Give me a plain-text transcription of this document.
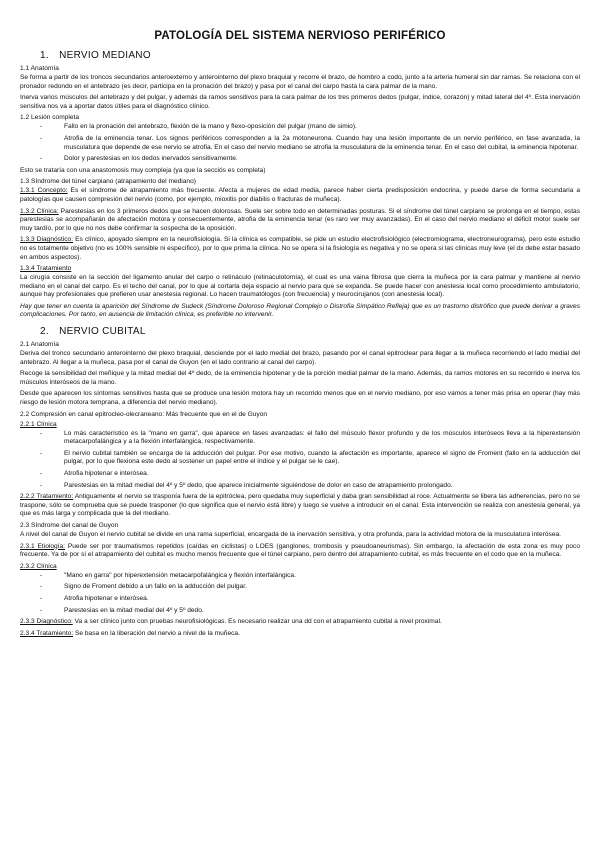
PATOLOGÍA DEL SISTEMA NERVIOSO PERIFÉRICO
1. NERVIO MEDIANO
1.1 Anatomía

Se forma a partir de los troncos secundarios anteroexterno y anterointerno del plexo braquial y recorre el brazo, de hombro a codo, junto a la arteria humeral sin dar ramas. Se relaciona con el pronador redondo en el antebrazo (es decir, participa en la pronación del brazo) y pasa por el canal del carpo hasta la cara palmar de la mano.

Inerva varios músculos del antebrazo y del pulgar, y además da ramos sensitivos para la cara palmar de los tres primeros dedos (pulgar, índice, corazón) y mitad lateral del 4º. Esta inervación sensitiva nos va a aportar datos útiles para el diagnóstico clínico.

1.2 Lesión completa
- Fallo en la pronación del antebrazo, flexión de la mano y flexo-oposición del pulgar (mano de simio).
- Atrofia de la eminencia tenar. Los signos periféricos corresponden a la 2a motoneurona. Cuando hay una lesión importante de un nervio periférico, en fase avanzada, la musculatura que depende de ese nervio se atrofia. En el caso del nervio mediano se atrofia la musculatura de la eminencia tenar. En el caso del cubital, la eminencia hipotenar.
- Dolor y parestesias en los dedos inervados sensitivamente.

Esto se trataría con una anastomosis muy compleja (ya que la secciós es completa)

1.3 Síndrome del túnel carpiano (atrapamiento del mediano)

1.3.1 Concepto: Es el síndrome de atrapamiento más frecuente. Afecta a mujeres de edad media, parece haber cierta predisposición endocrina, y puede darse de forma secundaria a patologías que causen compresión del nervio (como, por ejemplo, mioxitis por diabilis o fracturas de muñeca).

1.3.2 Clínica: Parestesias en los 3 primeros dedos que se hacen dolorosas. Suele ser sobre todo en determinadas posturas. Si el síndrome del túnel carpiano se prolonga en el tiempo, estas parestesias se acompañarán de afectación motora y consecuentemente, atrofia de la eminencia tenar (es raro ver muy avanzadas). En el caso del nervio mediano el déficit motor suele ser muy tardío, por lo que no nos debe confirmar la sospecha de la oposición.

1.3.3 Diagnóstico: Es clínico, apoyado siempre en la neurofisiología. Si la clínica es compatible, se pide un estudio electrofisiológico (electromiograma, electroneurograma), pero este estudio no es totalmente objetivo (no es 100% sensible ni específico), por lo que prima la clínica. No se opera si la fisiología es negativa y no se opera si las clínicas muy leve (el dx debe estar basado en ambos aspectos).

1.3.4 Tratamiento

La cirugía consiste en la sección del ligamento anular del carpo o retináculo (retinaculotomía), el cual es una vaina fibrosa que cierra la muñeca por la cara palmar y mantiene al nervio mediano en el canal del carpo. Es el techo del canal, por lo que al cortarla deja espacio al nervio para que se expanda. Se puede hacer con anestesia local como procedimiento ambulatorio, aunque hay profesionales que prefieren usar anestesia regional. Lo hacen traumatólogos (con frecuencia) y neurocirujanos (con anestesia local).

Hay que tener en cuenta la aparición del Síndrome de Sudeck (Síndrome Doloroso Regional Complejo o Distrofia Simpático Refleja) que es un trastorno distrófico que puede derivar a graves complicaciones. Por tanto, en ausencia de limitación clínica, es preferible no intervenir.

2. NERVIO CUBITAL
2.1 Anatomía

Deriva del tronco secundario anterointerno del plexo braquial, desciende por el lado medial del brazo, pasando por el canal epitroclear para llegar a la muñeca recorriendo el lado medial del antebrazo. Al llegar a la muñeca, pasa por el canal de Guyon (en el lado contrario al canal del carpo).

Recoge la sensibilidad del meñique y la mitad medial del 4º dedo, de la eminencia hipotenar y de la porción medial palmar de la mano. Además, da ramos motores en su recorrido e inerva los músculos interóseos de la mano.

Desde que aparecen los síntomas sensitivos hasta que se produce una lesión motora hay un recorrido menos que en el nervio mediano, por eso vamos a tener más prisa en operar (hay más riesgo de lesión motora temprana, a diferencia del nervio mediano).

2.2 Compresión en canal epitrocleo-olecraneano: Más frecuente que en el de Guyon
2.2.1 Clínica
- Lo más característico es la "mano en garra", que aparece en fases avanzadas: el fallo del músculo flexor profundo y de los músculos interóseos lleva a la hiperextensión metacarpofalángica y a la flexión interfalángica, respectivamente.
- El nervio cubital también se encarga de la adducción del pulgar. Por ese motivo, cuando la afectación es importante, aparece el signo de Froment (fallo en la adducción del pulgar, por lo que flexiona este dedo al sostener un papel entre el índice y el pulgar se le cae).
- Atrofia hipotenar e interósea.
- Parestesias en la mitad medial del 4º y 5º dedo, que aparece inicialmente siguiéndose de dolor en caso de atrapamiento prolongado.

2.2.2 Tratamiento: Antiguamente el nervio se trasponía fuera de la epitróclea, pero quedaba muy superficial y daba gran sensibilidad al roce. Actualmente se libera las adherencias, pero no se traspone, sólo se comprueba que se puede trasponer (lo que significa que el nervio está libre) y luego se vuelve a introducir en el canal. Esta intervención se realiza con anestesia general, ya que es más larga y complicada que la del mediano.

2.3 Síndrome del canal de Guyon

A nivel del canal de Guyon el nervio cubital se divide en una rama superficial, encargada de la inervación sensitiva, y otra profunda, para la actividad motora de la musculatura interósea.

2.3.1 Etiología: Puede ser por traumatismos repetidos (caídas en ciclistas) o LOES (ganglones, trombosis y pseudoaneurismas). Sin embargo, la afectación de esta zona es muy poco frecuente. Ya de por sí el atrapamiento del cubital es mucho menos frecuente que el túnel carpiano, pero dentro del atrapamiento cubital, es más frecuente en el codo que en la muñeca.

2.3.2 Clínica
- "Mano en garra" por hiperextensión metacarpofalángica y flexión interfalángica.
- Signo de Froment debido a un fallo en la adducción del pulgar.
- Atrofia hipotenar e interósea.
- Parestesias en la mitad medial del 4º y 5º dedo.

2.3.3 Diagnóstico: Va a ser clínico junto con pruebas neurofisiológicas. Es necesario realizar una dd con el atrapamiento cubital a nivel proximal.

2.3.4 Tratamiento: Se basa en la liberación del nervio a nivel de la muñeca.
